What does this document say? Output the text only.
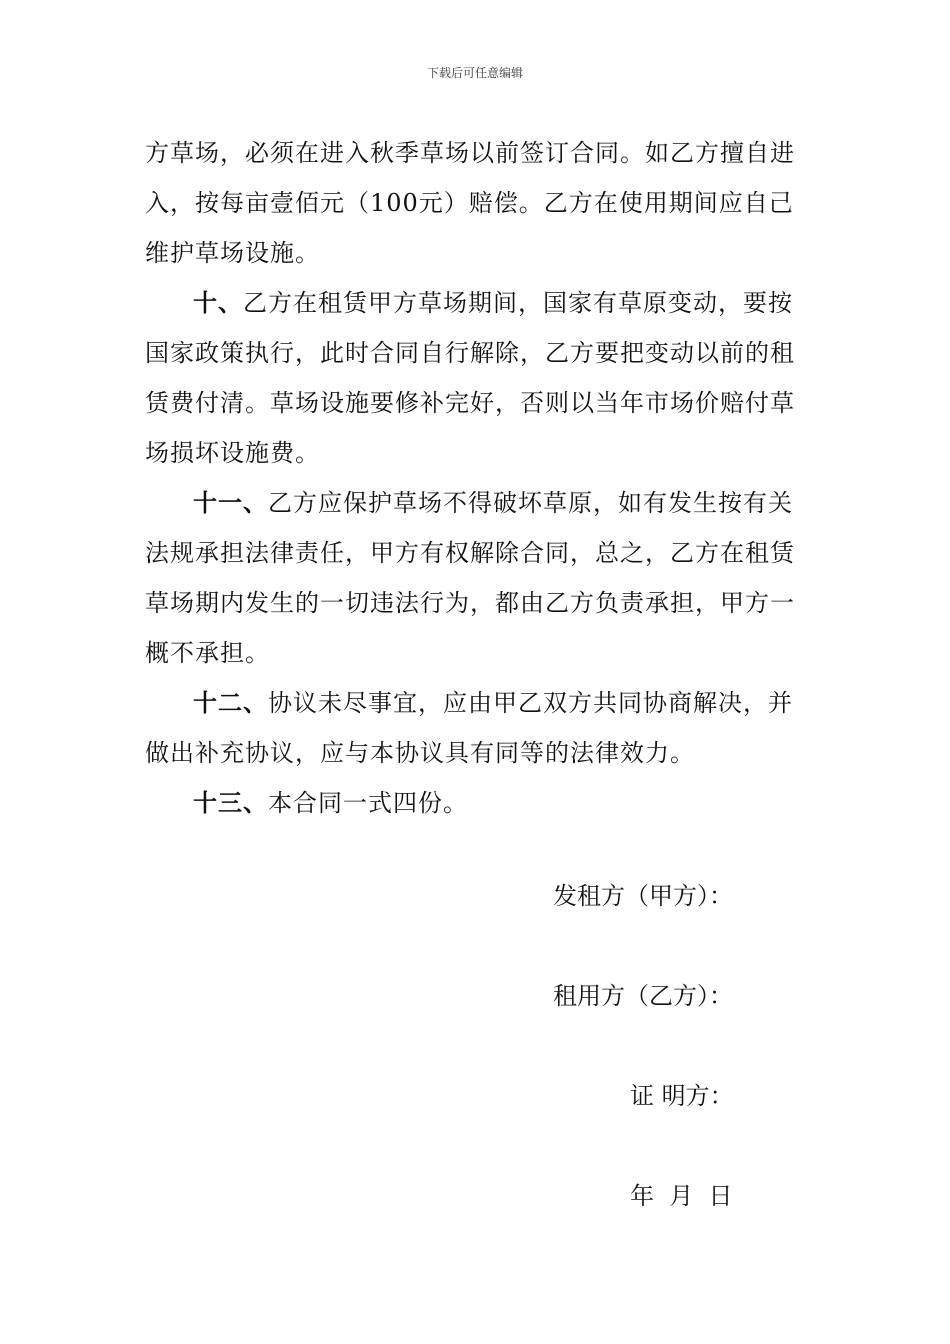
下载后可任意编辑

方草场，必须在进入秋季草场以前签订合同。如乙方擅自进入，按每亩壹佰元（100元）赔偿。乙方在使用期间应自己维护草场设施。

十、乙方在租赁甲方草场期间，国家有草原变动，要按国家政策执行，此时合同自行解除，乙方要把变动以前的租赁费付清。草场设施要修补完好，否则以当年市场价赔付草场损坏设施费。

十一、乙方应保护草场不得破坏草原，如有发生按有关法规承担法律责任，甲方有权解除合同，总之，乙方在租赁草场期内发生的一切违法行为，都由乙方负责承担，甲方一概不承担。

十二、协议未尽事宜，应由甲乙双方共同协商解决，并做出补充协议，应与本协议具有同等的法律效力。

十三、本合同一式四份。

发租方（甲方）：
租用方（乙方）：
证 明方：
年  月  日
